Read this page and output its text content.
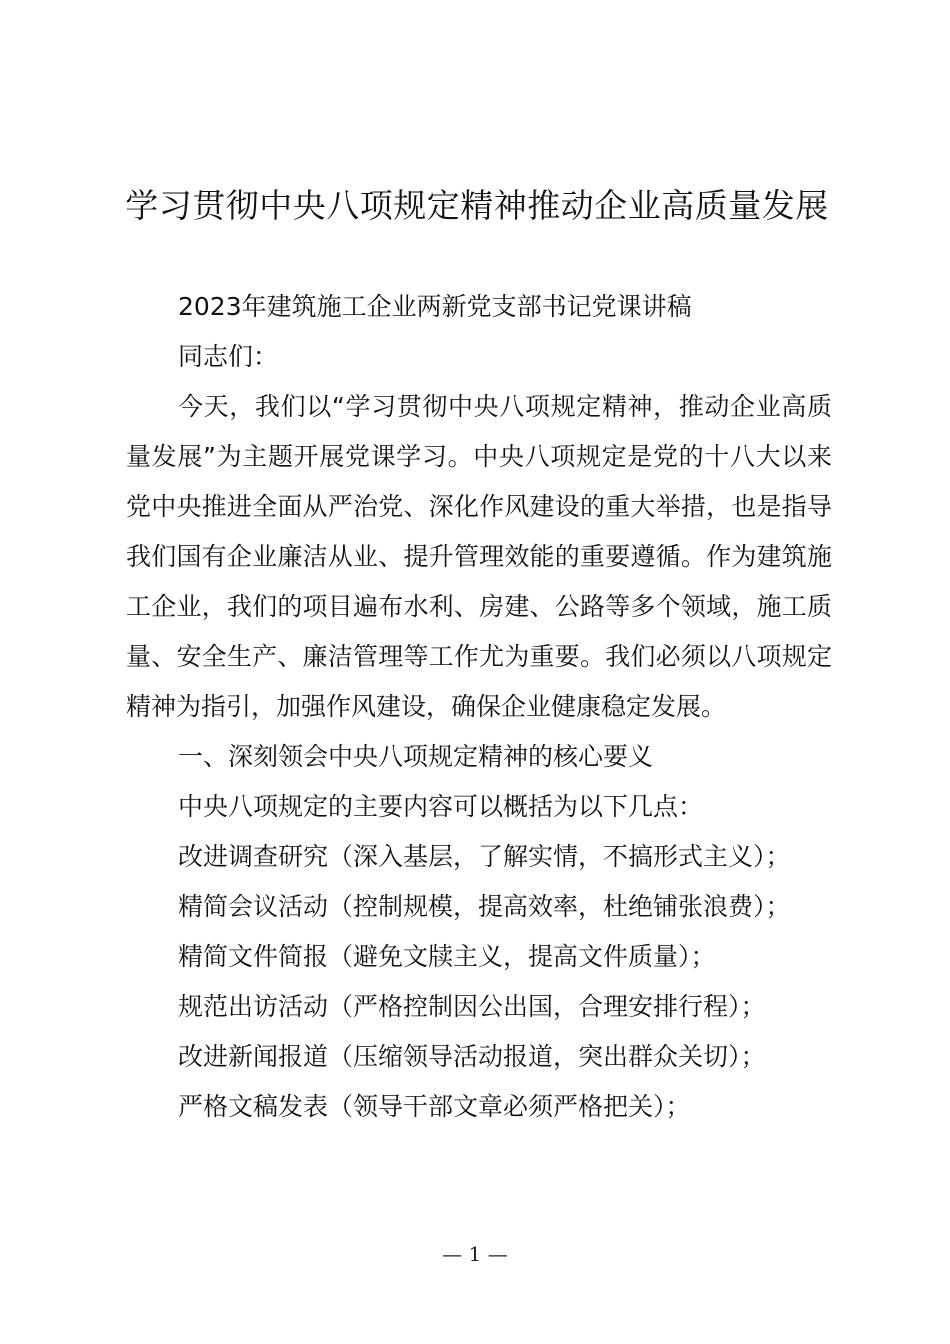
学习贯彻中央八项规定精神推动企业高质量发展

2023年建筑施工企业两新党支部书记党课讲稿

同志们：

今天，我们以“学习贯彻中央八项规定精神，推动企业高质量发展”为主题开展党课学习。中央八项规定是党的十八大以来党中央推进全面从严治党、深化作风建设的重大举措，也是指导我们国有企业廉洁从业、提升管理效能的重要遵循。作为建筑施工企业，我们的项目遍布水利、房建、公路等多个领域，施工质量、安全生产、廉洁管理等工作尤为重要。我们必须以八项规定精神为指引，加强作风建设，确保企业健康稳定发展。

一、深刻领会中央八项规定精神的核心要义

中央八项规定的主要内容可以概括为以下几点：

改进调查研究（深入基层，了解实情，不搞形式主义）；

精简会议活动（控制规模，提高效率，杜绝铺张浪费）；

精简文件简报（避免文牍主义，提高文件质量）；

规范出访活动（严格控制因公出国，合理安排行程）；

改进新闻报道（压缩领导活动报道，突出群众关切）；

严格文稿发表（领导干部文章必须严格把关）；

— 1 —
